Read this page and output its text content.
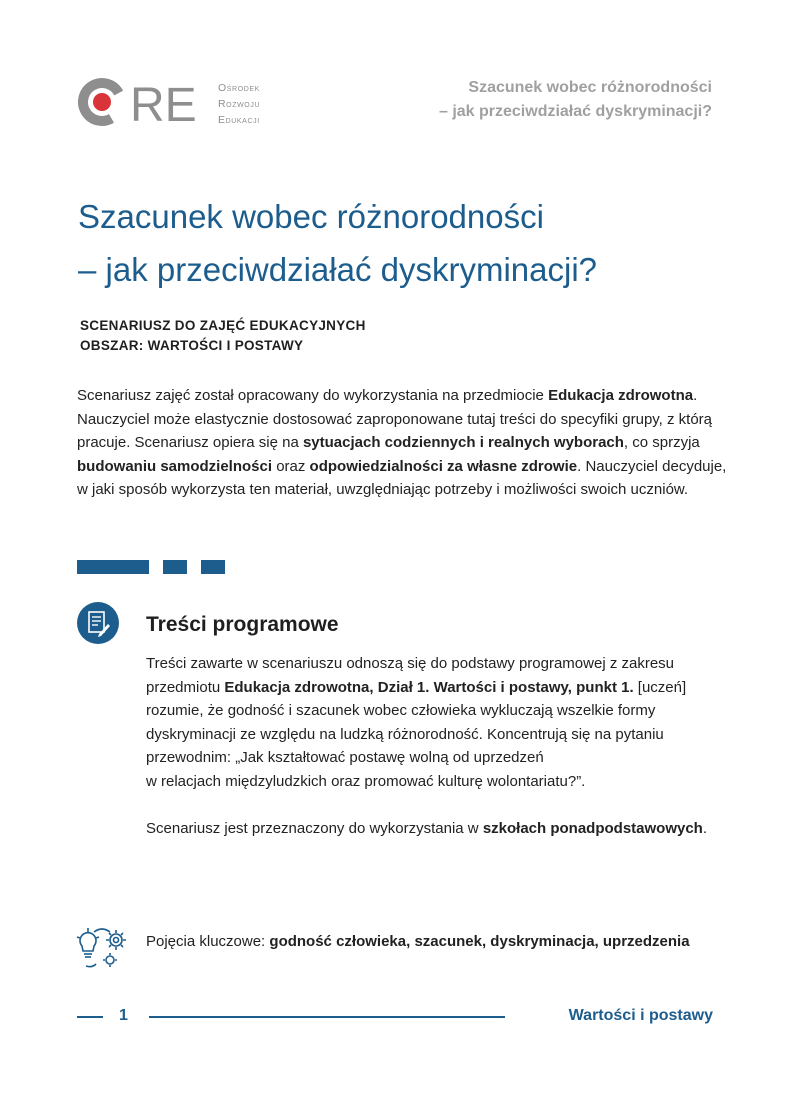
RE Ośrodek
Rozwoju
Edukacji
Szacunek wobec różnorodności
– jak przeciwdziałać dyskryminacji?
Szacunek wobec różnorodności
– jak przeciwdziałać dyskryminacji?
SCENARIUSZ DO ZAJĘĆ EDUKACYJNYCH
OBSZAR: WARTOŚCI I POSTAWY

Scenariusz zajęć został opracowany do wykorzystania na przedmiocie Edukacja zdrowotna. Nauczyciel może elastycznie dostosować zaproponowane tutaj treści do specyfiki grupy, z którą pracuje. Scenariusz opiera się na sytuacjach codziennych i realnych wyborach, co sprzyja budowaniu samodzielności oraz odpowiedzialności za własne zdrowie. Nauczyciel decyduje, w jaki sposób wykorzysta ten materiał, uwzględniając potrzeby i możliwości swoich uczniów.

Treści programowe

Treści zawarte w scenariuszu odnoszą się do podstawy programowej z zakresu przedmiotu Edukacja zdrowotna, Dział 1. Wartości i postawy, punkt 1. [uczeń] rozumie, że godność i szacunek wobec człowieka wykluczają wszelkie formy dyskryminacji ze względu na ludzką różnorodność. Koncentrują się na pytaniu przewodnim: „Jak kształtować postawę wolną od uprzedzeń
w relacjach międzyludzkich oraz promować kulturę wolontariatu?”.

Scenariusz jest przeznaczony do wykorzystania w szkołach ponadpodstawowych.

Pojęcia kluczowe: godność człowieka, szacunek, dyskryminacja, uprzedzenia

1	Wartości i postawy
